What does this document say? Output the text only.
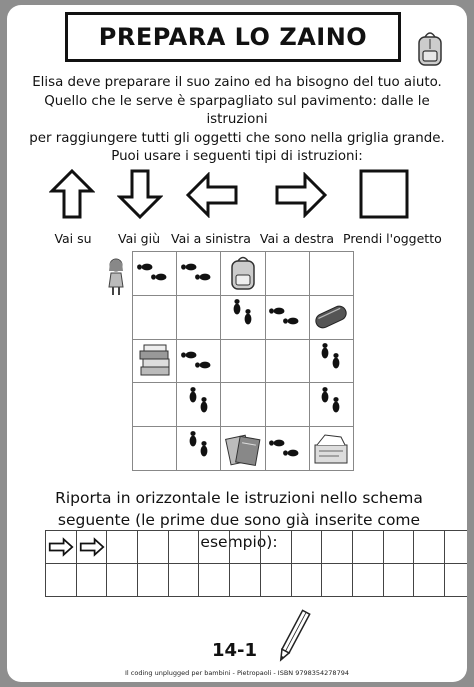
PREPARA LO ZAINO
Elisa deve preparare il suo zaino ed ha bisogno del tuo aiuto.
Quello che le serve è sparpagliato sul pavimento: dalle le istruzioni
per raggiungere tutti gli oggetti che sono nella griglia grande.
Puoi usare i seguenti tipi di istruzioni:
Vai su	Vai giù Vai a sinistra Vai a destra Prendi l'oggetto
Riporta in orizzontale le istruzioni nello schema seguente (le prime due sono già inserite come esempio):
14-1
Il coding unplugged per bambini - Pietropaoli - ISBN 9798354278794
